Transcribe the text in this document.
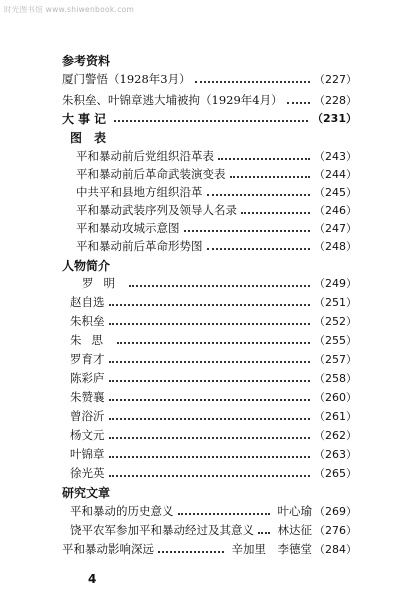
时光图书馆 www.shiwenbook.com
参考资料
厦门警悟（1928年3月）	（227）
朱积垒、叶锦章逃大埔被拘（1929年4月）	（228）
大事记	（231）
图　表
平和暴动前后党组织沿革表	（243）
平和暴动前后革命武装演变表	（244）
中共平和县地方组织沿革	（245）
平和暴动武装序列及领导人名录	（246）
平和暴动攻城示意图	（247）
平和暴动前后革命形势图	（248）
人物简介
罗明	（249）
赵自选	（251）
朱积垒	（252）
朱思	（255）
罗育才	（257）
陈彩庐	（258）
朱赞襄	（260）
曾浴沂	（261）
杨文元	（262）
叶锦章	（263）
徐光英	（265）
研究文章
平和暴动的历史意义	叶心瑜 （269）
饶平农军参加平和暴动经过及其意义 林达征 （276）
平和暴动影响深远	辛加里　李德堂 （284）
4
